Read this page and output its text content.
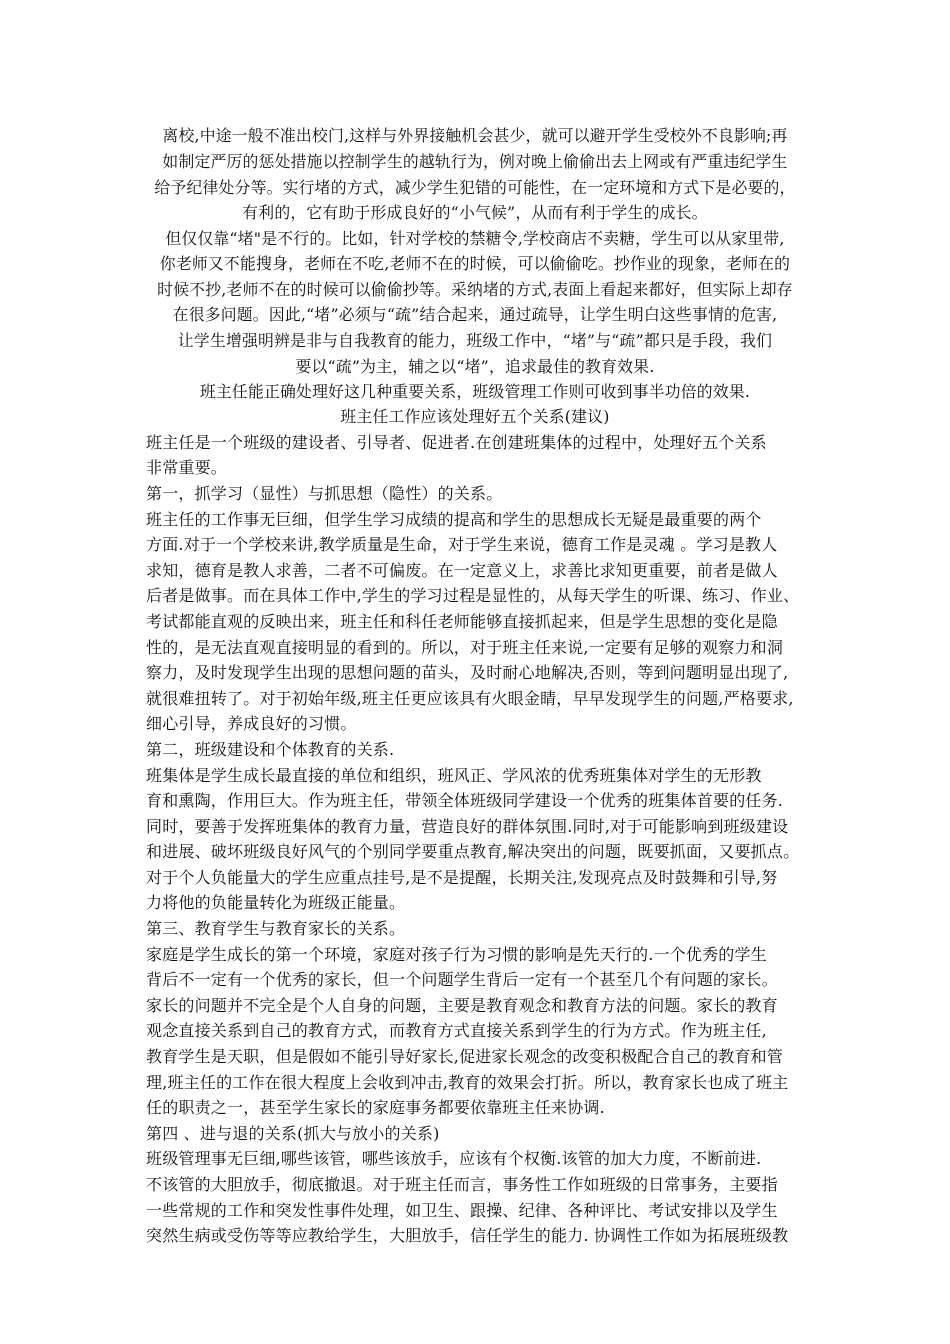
离校,中途一般不准出校门,这样与外界接触机会甚少，就可以避开学生受校外不良影响;再
如制定严厉的惩处措施以控制学生的越轨行为，例对晚上偷偷出去上网或有严重违纪学生
给予纪律处分等。实行堵的方式，减少学生犯错的可能性，在一定环境和方式下是必要的，
有利的，它有助于形成良好的“小气候”，从而有利于学生的成长。
但仅仅靠“堵"是不行的。比如，针对学校的禁糖令,学校商店不卖糖，学生可以从家里带,
你老师又不能搜身，老师在不吃,老师不在的时候，可以偷偷吃。抄作业的现象，老师在的
时候不抄,老师不在的时候可以偷偷抄等。采纳堵的方式,表面上看起来都好，但实际上却存
在很多问题。因此,“堵”必须与“疏”结合起来，通过疏导，让学生明白这些事情的危害,
让学生增强明辨是非与自我教育的能力，班级工作中，“堵”与“疏”都只是手段，我们
要以“疏”为主，辅之以“堵”，追求最佳的教育效果.
班主任能正确处理好这几种重要关系，班级管理工作则可收到事半功倍的效果.
班主任工作应该处理好五个关系(建议)
班主任是一个班级的建设者、引导者、促进者.在创建班集体的过程中，处理好五个关系
非常重要。
第一，抓学习（显性）与抓思想（隐性）的关系。
班主任的工作事无巨细，但学生学习成绩的提高和学生的思想成长无疑是最重要的两个
方面.对于一个学校来讲,教学质量是生命，对于学生来说，德育工作是灵魂 。学习是教人
求知，德育是教人求善，二者不可偏废。在一定意义上，求善比求知更重要，前者是做人
后者是做事。而在具体工作中,学生的学习过程是显性的，从每天学生的听课、练习、作业、
考试都能直观的反映出来，班主任和科任老师能够直接抓起来，但是学生思想的变化是隐
性的，是无法直观直接明显的看到的。所以，对于班主任来说,一定要有足够的观察力和洞
察力，及时发现学生出现的思想问题的苗头，及时耐心地解决,否则，等到问题明显出现了,
就很难扭转了。对于初始年级,班主任更应该具有火眼金睛，早早发现学生的问题,严格要求,
细心引导，养成良好的习惯。
第二，班级建设和个体教育的关系.
班集体是学生成长最直接的单位和组织，班风正、学风浓的优秀班集体对学生的无形教
育和熏陶，作用巨大。作为班主任，带领全体班级同学建设一个优秀的班集体首要的任务.
同时，要善于发挥班集体的教育力量，营造良好的群体氛围.同时,对于可能影响到班级建设
和进展、破坏班级良好风气的个别同学要重点教育,解决突出的问题，既要抓面，又要抓点。
对于个人负能量大的学生应重点挂号,是不是提醒，长期关注,发现亮点及时鼓舞和引导,努
力将他的负能量转化为班级正能量。
第三、教育学生与教育家长的关系。
家庭是学生成长的第一个环境，家庭对孩子行为习惯的影响是先天行的.一个优秀的学生
背后不一定有一个优秀的家长，但一个问题学生背后一定有一个甚至几个有问题的家长。
家长的问题并不完全是个人自身的问题，主要是教育观念和教育方法的问题。家长的教育
观念直接关系到自己的教育方式，而教育方式直接关系到学生的行为方式。作为班主任,
教育学生是天职，但是假如不能引导好家长,促进家长观念的改变积极配合自己的教育和管
理,班主任的工作在很大程度上会收到冲击,教育的效果会打折。所以，教育家长也成了班主
任的职责之一，甚至学生家长的家庭事务都要依靠班主任来协调.
第四 、进与退的关系(抓大与放小的关系)
班级管理事无巨细,哪些该管，哪些该放手，应该有个权衡.该管的加大力度，不断前进.
不该管的大胆放手，彻底撤退。对于班主任而言，事务性工作如班级的日常事务，主要指
一些常规的工作和突发性事件处理，如卫生、跟操、纪律、各种评比、考试安排以及学生
突然生病或受伤等等应教给学生，大胆放手，信任学生的能力. 协调性工作如为拓展班级教
